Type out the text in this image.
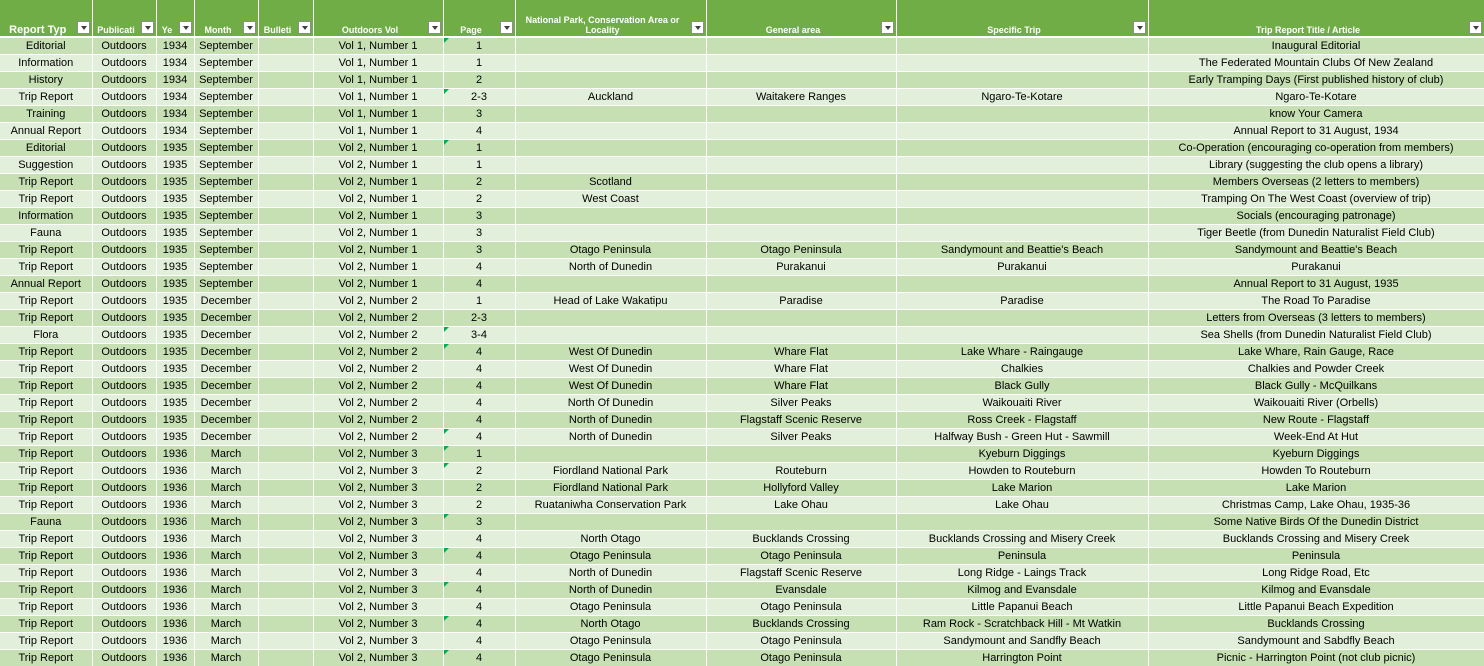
Report Typ	Publicati	Ye	Month	Bulleti	Outdoors Vol	Page	National Park, Conservation Area or Locality	General area	Specific Trip	Trip Report Title / Article

Editorial	Outdoors	1934	September		Vol 1, Number 1	1				Inaugural Editorial
Information	Outdoors	1934	September		Vol 1, Number 1	1				The Federated Mountain Clubs Of New Zealand
History	Outdoors	1934	September		Vol 1, Number 1	2				Early Tramping Days (First published history of club)
Trip Report	Outdoors	1934	September		Vol 1, Number 1	2-3	Auckland	Waitakere Ranges	Ngaro-Te-Kotare	Ngaro-Te-Kotare
Training	Outdoors	1934	September		Vol 1, Number 1	3				know Your Camera
Annual Report	Outdoors	1934	September		Vol 1, Number 1	4				Annual Report to 31 August, 1934
Editorial	Outdoors	1935	September		Vol 2, Number 1	1				Co-Operation (encouraging co-operation from members)
Suggestion	Outdoors	1935	September		Vol 2, Number 1	1				Library (suggesting the club opens a library)
Trip Report	Outdoors	1935	September		Vol 2, Number 1	2	Scotland			Members Overseas (2 letters to members)
Trip Report	Outdoors	1935	September		Vol 2, Number 1	2	West Coast			Tramping On The West Coast (overview of trip)
Information	Outdoors	1935	September		Vol 2, Number 1	3				Socials (encouraging patronage)
Fauna	Outdoors	1935	September		Vol 2, Number 1	3				Tiger Beetle (from Dunedin Naturalist Field Club)
Trip Report	Outdoors	1935	September		Vol 2, Number 1	3	Otago Peninsula	Otago Peninsula	Sandymount and Beattie's Beach	Sandymount and Beattie's Beach
Trip Report	Outdoors	1935	September		Vol 2, Number 1	4	North of Dunedin	Purakanui	Purakanui	Purakanui
Annual Report	Outdoors	1935	September		Vol 2, Number 1	4				Annual Report to 31 August, 1935
Trip Report	Outdoors	1935	December		Vol 2, Number 2	1	Head of Lake Wakatipu	Paradise	Paradise	The Road To Paradise
Trip Report	Outdoors	1935	December		Vol 2, Number 2	2-3				Letters from Overseas (3 letters to members)
Flora	Outdoors	1935	December		Vol 2, Number 2	3-4				Sea Shells (from Dunedin Naturalist Field Club)
Trip Report	Outdoors	1935	December		Vol 2, Number 2	4	West Of Dunedin	Whare Flat	Lake Whare - Raingauge	Lake Whare, Rain Gauge, Race
Trip Report	Outdoors	1935	December		Vol 2, Number 2	4	West Of Dunedin	Whare Flat	Chalkies	Chalkies and Powder Creek
Trip Report	Outdoors	1935	December		Vol 2, Number 2	4	West Of Dunedin	Whare Flat	Black Gully	Black Gully - McQuilkans
Trip Report	Outdoors	1935	December		Vol 2, Number 2	4	North Of Dunedin	Silver Peaks	Waikouaiti River	Waikouaiti River (Orbells)
Trip Report	Outdoors	1935	December		Vol 2, Number 2	4	North of Dunedin	Flagstaff Scenic Reserve	Ross Creek - Flagstaff	New Route - Flagstaff
Trip Report	Outdoors	1935	December		Vol 2, Number 2	4	North of Dunedin	Silver Peaks	Halfway Bush - Green Hut - Sawmill	Week-End At Hut
Trip Report	Outdoors	1936	March		Vol 2, Number 3	1			Kyeburn Diggings	Kyeburn Diggings
Trip Report	Outdoors	1936	March		Vol 2, Number 3	2	Fiordland National Park	Routeburn	Howden to Routeburn	Howden To Routeburn
Trip Report	Outdoors	1936	March		Vol 2, Number 3	2	Fiordland National Park	Hollyford Valley	Lake Marion	Lake Marion
Trip Report	Outdoors	1936	March		Vol 2, Number 3	2	Ruataniwha Conservation Park	Lake Ohau	Lake Ohau	Christmas Camp, Lake Ohau, 1935-36
Fauna	Outdoors	1936	March		Vol 2, Number 3	3				Some Native Birds Of the Dunedin District
Trip Report	Outdoors	1936	March		Vol 2, Number 3	4	North Otago	Bucklands Crossing	Bucklands Crossing and Misery Creek	Bucklands Crossing and Misery Creek
Trip Report	Outdoors	1936	March		Vol 2, Number 3	4	Otago Peninsula	Otago Peninsula	Peninsula	Peninsula
Trip Report	Outdoors	1936	March		Vol 2, Number 3	4	North of Dunedin	Flagstaff Scenic Reserve	Long Ridge - Laings Track	Long Ridge Road, Etc
Trip Report	Outdoors	1936	March		Vol 2, Number 3	4	North of Dunedin	Evansdale	Kilmog and Evansdale	Kilmog and Evansdale
Trip Report	Outdoors	1936	March		Vol 2, Number 3	4	Otago Peninsula	Otago Peninsula	Little Papanui Beach	Little Papanui Beach Expedition
Trip Report	Outdoors	1936	March		Vol 2, Number 3	4	North Otago	Bucklands Crossing	Ram Rock - Scratchback Hill - Mt Watkin	Bucklands Crossing
Trip Report	Outdoors	1936	March		Vol 2, Number 3	4	Otago Peninsula	Otago Peninsula	Sandymount and Sandfly Beach	Sandymount and Sabdfly Beach
Trip Report	Outdoors	1936	March		Vol 2, Number 3	4	Otago Peninsula	Otago Peninsula	Harrington Point	Picnic - Harrington Point (not club picnic)
